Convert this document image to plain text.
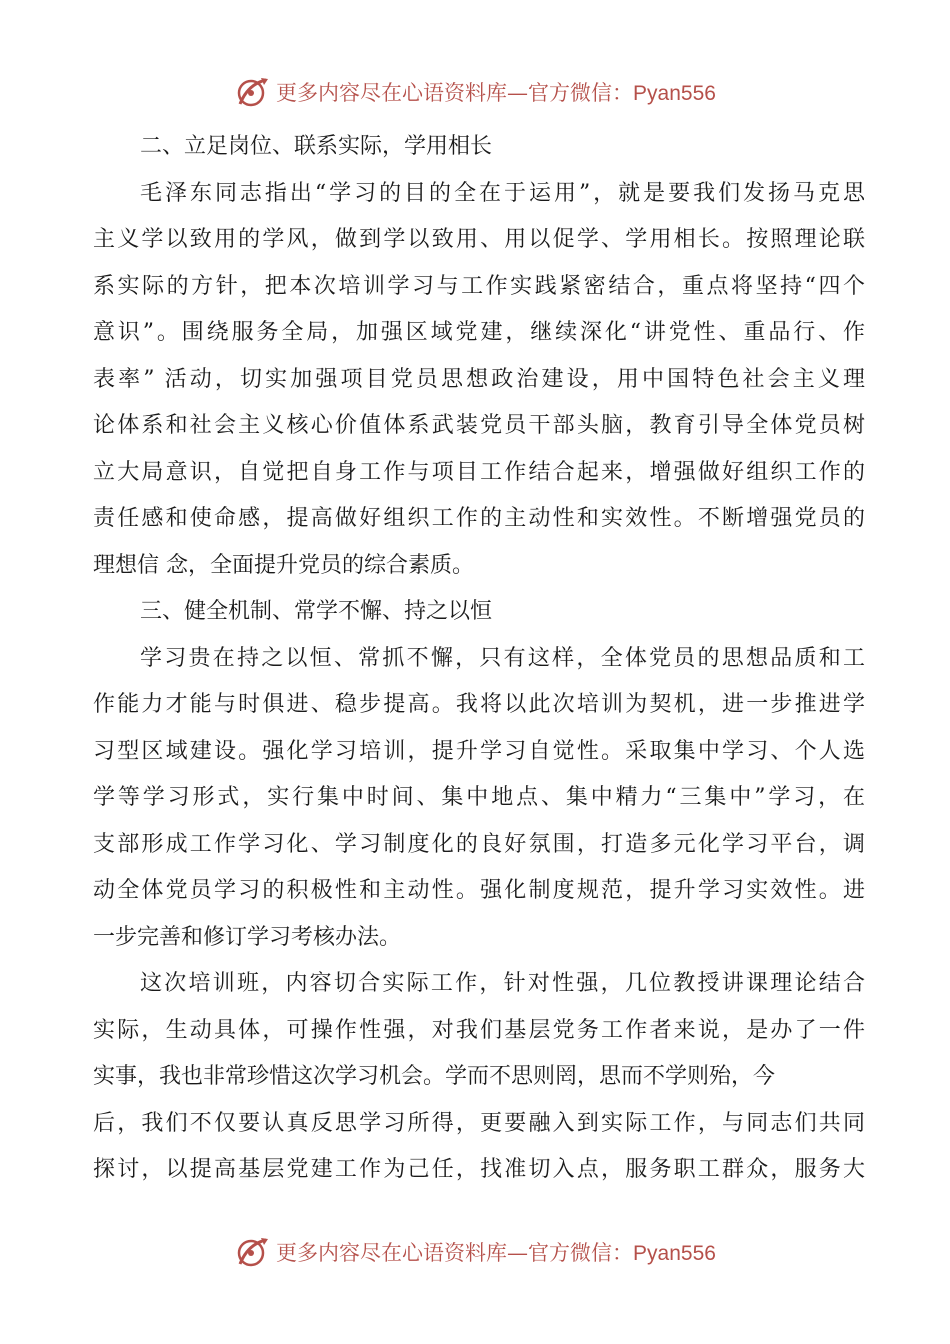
更多内容尽在心语资料库—官方微信：Pyan556
二、立足岗位、联系实际，学用相长
毛泽东同志指出“学习的目的全在于运用”，就是要我们发扬马克思
主义学以致用的学风，做到学以致用、用以促学、学用相长。按照理论联
系实际的方针，把本次培训学习与工作实践紧密结合，重点将坚持“四个
意识”。围绕服务全局，加强区域党建，继续深化“讲党性、重品行、作
表率” 活动，切实加强项目党员思想政治建设，用中国特色社会主义理
论体系和社会主义核心价值体系武装党员干部头脑，教育引导全体党员树
立大局意识，自觉把自身工作与项目工作结合起来，增强做好组织工作的
责任感和使命感，提高做好组织工作的主动性和实效性。不断增强党员的
理想信 念，全面提升党员的综合素质。
三、健全机制、常学不懈、持之以恒
学习贵在持之以恒、常抓不懈，只有这样，全体党员的思想品质和工
作能力才能与时俱进、稳步提高。我将以此次培训为契机，进一步推进学
习型区域建设。强化学习培训，提升学习自觉性。采取集中学习、个人选
学等学习形式，实行集中时间、集中地点、集中精力“三集中”学习，在
支部形成工作学习化、学习制度化的良好氛围，打造多元化学习平台，调
动全体党员学习的积极性和主动性。强化制度规范，提升学习实效性。进
一步完善和修订学习考核办法。
这次培训班，内容切合实际工作，针对性强，几位教授讲课理论结合
实际，生动具体，可操作性强，对我们基层党务工作者来说，是办了一件
实事，我也非常珍惜这次学习机会。学而不思则罔，思而不学则殆，今
后，我们不仅要认真反思学习所得，更要融入到实际工作，与同志们共同
探讨，以提高基层党建工作为己任，找准切入点，服务职工群众，服务大
更多内容尽在心语资料库—官方微信：Pyan556
